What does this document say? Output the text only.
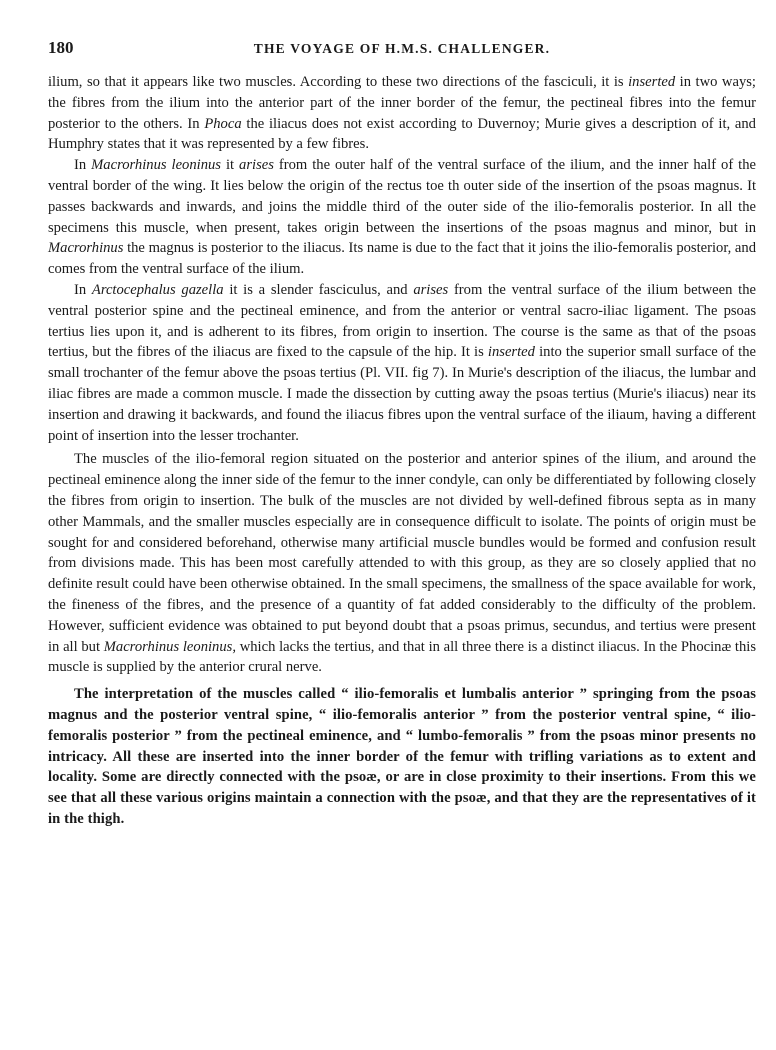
180	THE VOYAGE OF H.M.S. CHALLENGER.

ilium, so that it appears like two muscles. According to these two directions of the fasciculi, it is inserted in two ways; the fibres from the ilium into the anterior part of the inner border of the femur, the pectineal fibres into the femur posterior to the others. In Phoca the iliacus does not exist according to Duvernoy; Murie gives a description of it, and Humphry states that it was represented by a few fibres.

In Macrorhinus leoninus it arises from the outer half of the ventral surface of the ilium, and the inner half of the ventral border of the wing. It lies below the origin of the rectus toe th outer side of the insertion of the psoas magnus. It passes backwards and inwards, and joins the middle third of the outer side of the ilio-femoralis posterior. In all the specimens this muscle, when present, takes origin between the insertions of the psoas magnus and minor, but in Macrorhinus the magnus is posterior to the iliacus. Its name is due to the fact that it joins the ilio-femoralis posterior, and comes from the ventral surface of the ilium.

In Arctocephalus gazella it is a slender fasciculus, and arises from the ventral surface of the ilium between the ventral posterior spine and the pectineal eminence, and from the anterior or ventral sacro-iliac ligament. The psoas tertius lies upon it, and is adherent to its fibres, from origin to insertion. The course is the same as that of the psoas tertius, but the fibres of the iliacus are fixed to the capsule of the hip. It is inserted into the superior small surface of the small trochanter of the femur above the psoas tertius (Pl. VII. fig 7). In Murie's description of the iliacus, the lumbar and iliac fibres are made a common muscle. I made the dissection by cutting away the psoas tertius (Murie's iliacus) near its insertion and drawing it backwards, and found the iliacus fibres upon the ventral surface of the iliaum, having a different point of insertion into the lesser trochanter.

The muscles of the ilio-femoral region situated on the posterior and anterior spines of the ilium, and around the pectineal eminence along the inner side of the femur to the inner condyle, can only be differentiated by following closely the fibres from origin to insertion. The bulk of the muscles are not divided by well-defined fibrous septa as in many other Mammals, and the smaller muscles especially are in consequence difficult to isolate. The points of origin must be sought for and considered beforehand, otherwise many artificial muscle bundles would be formed and confusion result from divisions made. This has been most carefully attended to with this group, as they are so closely applied that no definite result could have been otherwise obtained. In the small specimens, the smallness of the space available for work, the fineness of the fibres, and the presence of a quantity of fat added considerably to the difficulty of the problem. However, sufficient evidence was obtained to put beyond doubt that a psoas primus, secundus, and tertius were present in all but Macrorhinus leoninus, which lacks the tertius, and that in all three there is a distinct iliacus. In the Phocinæ this muscle is supplied by the anterior crural nerve.

The interpretation of the muscles called “ ilio-femoralis et lumbalis anterior ” springing from the psoas magnus and the posterior ventral spine, “ ilio-femoralis anterior ” from the posterior ventral spine, “ ilio-femoralis posterior ” from the pectineal eminence, and “ lumbo-femoralis ” from the psoas minor presents no intricacy. All these are inserted into the inner border of the femur with trifling variations as to extent and locality. Some are directly connected with the psoæ, or are in close proximity to their insertions. From this we see that all these various origins maintain a connection with the psoæ, and that they are the representatives of it in the thigh.
